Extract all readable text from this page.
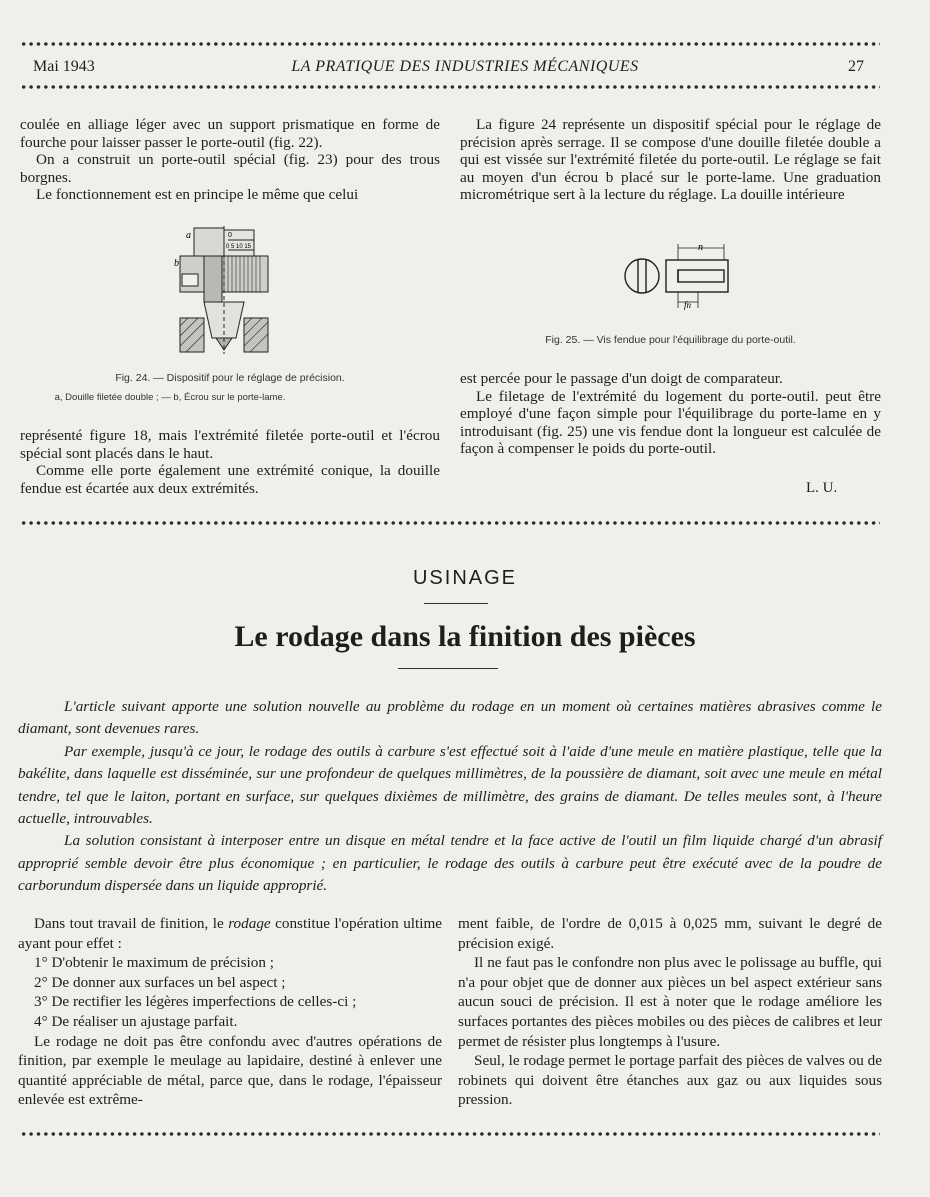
Mai 1943	LA PRATIQUE DES INDUSTRIES MÉCANIQUES	27

coulée en alliage léger avec un support prismatique en forme de fourche pour laisser passer le porte-outil (fig. 22).

On a construit un porte-outil spécial (fig. 23) pour des trous borgnes.

Le fonctionnement est en principe le même que celui

a
b
0
0 5 10 15
Fig. 24. — Dispositif pour le réglage de précision.
a, Douille filetée double ; — b, Écrou sur le porte-lame.

représenté figure 18, mais l'extrémité filetée porte-outil et l'écrou spécial sont placés dans le haut.

Comme elle porte également une extrémité conique, la douille fendue est écartée aux deux extrémités.

La figure 24 représente un dispositif spécial pour le réglage de précision après serrage. Il se compose d'une douille filetée double a qui est vissée sur l'extrémité filetée du porte-outil. Le réglage se fait au moyen d'un écrou b placé sur le porte-lame. Une graduation micrométrique sert à la lecture du réglage. La douille intérieure

n
fn
Fig. 25. — Vis fendue pour l'équilibrage du porte-outil.

est percée pour le passage d'un doigt de comparateur.

Le filetage de l'extrémité du logement du porte-outil. peut être employé d'une façon simple pour l'équilibrage du porte-lame en y introduisant (fig. 25) une vis fendue dont la longueur est calculée de façon à compenser le poids du porte-outil.

L. U.
USINAGE
Le rodage dans la finition des pièces

L'article suivant apporte une solution nouvelle au problème du rodage en un moment où certaines matières abrasives comme le diamant, sont devenues rares.

Par exemple, jusqu'à ce jour, le rodage des outils à carbure s'est effectué soit à l'aide d'une meule en matière plastique, telle que la bakélite, dans laquelle est disséminée, sur une profondeur de quelques millimètres, de la poussière de diamant, soit avec une meule en métal tendre, tel que le laiton, portant en surface, sur quelques dixièmes de millimètre, des grains de diamant. De telles meules sont, à l'heure actuelle, introuvables.

La solution consistant à interposer entre un disque en métal tendre et la face active de l'outil un film liquide chargé d'un abrasif approprié semble devoir être plus économique ; en particulier, le rodage des outils à carbure peut être exécuté avec de la poudre de carborundum dispersée dans un liquide approprié.

Dans tout travail de finition, le rodage constitue l'opération ultime ayant pour effet :

1° D'obtenir le maximum de précision ;

2° De donner aux surfaces un bel aspect ;

3° De rectifier les légères imperfections de celles-ci ;

4° De réaliser un ajustage parfait.

Le rodage ne doit pas être confondu avec d'autres opérations de finition, par exemple le meulage au lapidaire, destiné à enlever une quantité appréciable de métal, parce que, dans le rodage, l'épaisseur enlevée est extrême-

ment faible, de l'ordre de 0,015 à 0,025 mm, suivant le degré de précision exigé.

Il ne faut pas le confondre non plus avec le polissage au buffle, qui n'a pour objet que de donner aux pièces un bel aspect extérieur sans aucun souci de précision. Il est à noter que le rodage améliore les surfaces portantes des pièces mobiles ou des pièces de calibres et leur permet de résister plus longtemps à l'usure.

Seul, le rodage permet le portage parfait des pièces de valves ou de robinets qui doivent être étanches aux gaz ou aux liquides sous pression.
